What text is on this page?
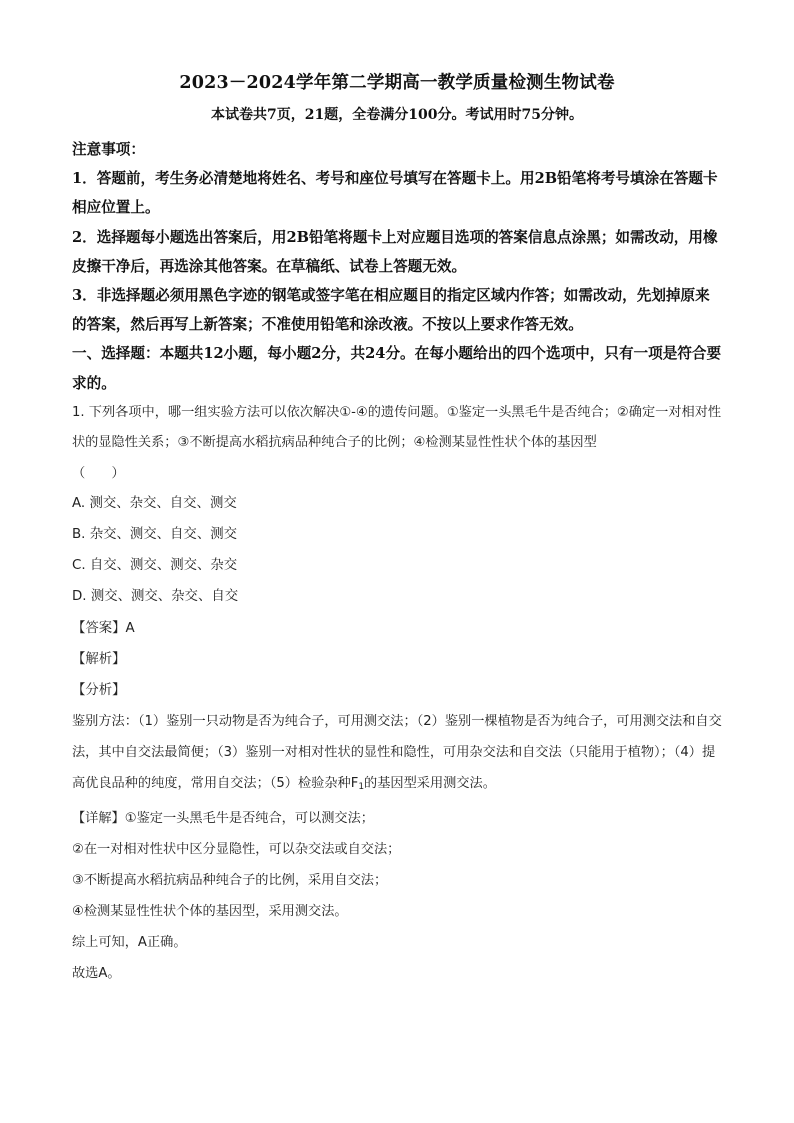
2023－2024学年第二学期高一教学质量检测生物试卷
本试卷共7页，21题，全卷满分100分。考试用时75分钟。
注意事项：
1．答题前，考生务必清楚地将姓名、考号和座位号填写在答题卡上。用2B铅笔将考号填涂在答题卡相应位置上。
2．选择题每小题选出答案后，用2B铅笔将题卡上对应题目选项的答案信息点涂黑；如需改动，用橡皮擦干净后，再选涂其他答案。在草稿纸、试卷上答题无效。
3．非选择题必须用黑色字迹的钢笔或签字笔在相应题目的指定区域内作答；如需改动，先划掉原来的答案，然后再写上新答案；不准使用铅笔和涂改液。不按以上要求作答无效。
一、选择题：本题共12小题，每小题2分，共24分。在每小题给出的四个选项中，只有一项是符合要求的。
1. 下列各项中，哪一组实验方法可以依次解决①-④的遗传问题。①鉴定一头黑毛牛是否纯合；②确定一对相对性状的显隐性关系；③不断提高水稻抗病品种纯合子的比例；④检测某显性性状个体的基因型
（　　）
A. 测交、杂交、自交、测交
B. 杂交、测交、自交、测交
C. 自交、测交、测交、杂交
D. 测交、测交、杂交、自交
【答案】A
【解析】
【分析】
鉴别方法：（1）鉴别一只动物是否为纯合子，可用测交法；（2）鉴别一棵植物是否为纯合子，可用测交法和自交法，其中自交法最简便；（3）鉴别一对相对性状的显性和隐性，可用杂交法和自交法（只能用于植物）；（4）提高优良品种的纯度，常用自交法；（5）检验杂种$F_1$的基因型采用测交法。
【详解】①鉴定一头黑毛牛是否纯合，可以测交法；
②在一对相对性状中区分显隐性，可以杂交法或自交法；
③不断提高水稻抗病品种纯合子的比例，采用自交法；
④检测某显性性状个体的基因型，采用测交法。
综上可知，A正确。
故选A。
